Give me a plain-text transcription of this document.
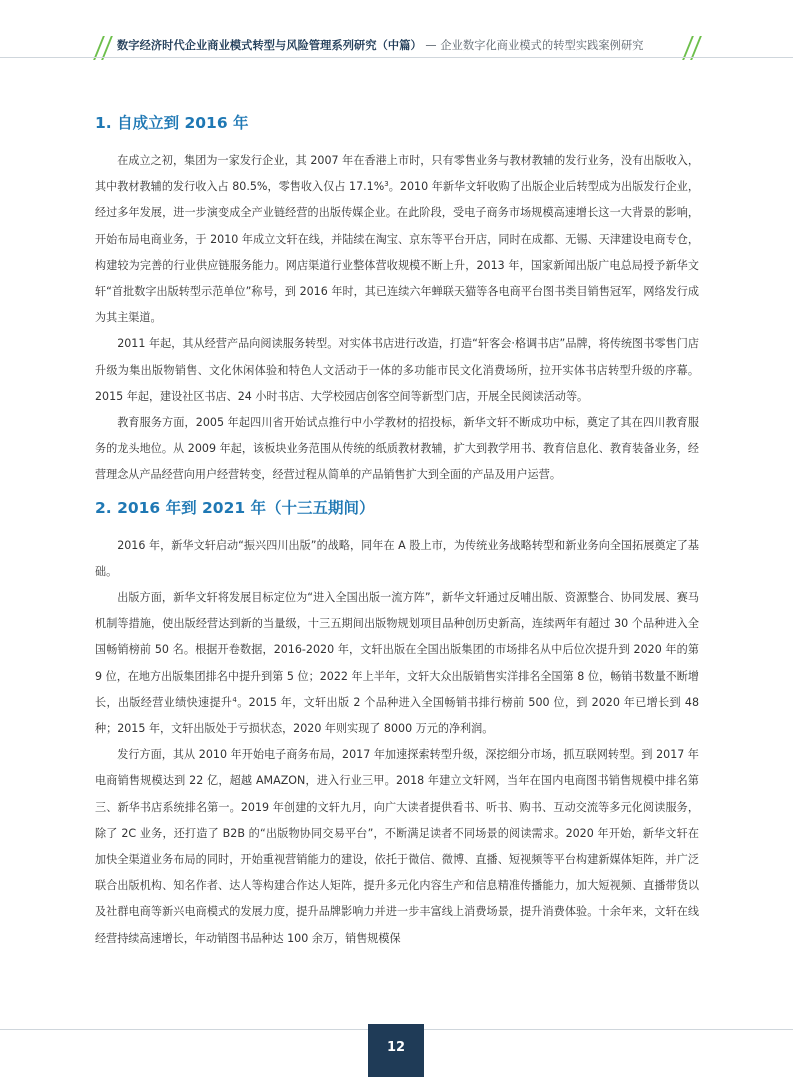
数字经济时代企业商业模式转型与风险管理系列研究（中篇） — 企业数字化商业模式的转型实践案例研究
1. 自成立到 2016 年

在成立之初，集团为一家发行企业，其 2007 年在香港上市时，只有零售业务与教材教辅的发行业务，没有出版收入，其中教材教辅的发行收入占 80.5%，零售收入仅占 17.1%$^3$。2010 年新华文轩收购了出版企业后转型成为出版发行企业，经过多年发展，进一步演变成全产业链经营的出版传媒企业。在此阶段，受电子商务市场规模高速增长这一大背景的影响，开始布局电商业务，于 2010 年成立文轩在线，并陆续在淘宝、京东等平台开店，同时在成都、无锡、天津建设电商专仓，构建较为完善的行业供应链服务能力。网店渠道行业整体营收规模不断上升，2013 年，国家新闻出版广电总局授予新华文轩“首批数字出版转型示范单位”称号，到 2016 年时，其已连续六年蝉联天猫等各电商平台图书类目销售冠军，网络发行成为其主渠道。

2011 年起，其从经营产品向阅读服务转型。对实体书店进行改造，打造“轩客会·格调书店”品牌，将传统图书零售门店升级为集出版物销售、文化休闲体验和特色人文活动于一体的多功能市民文化消费场所，拉开实体书店转型升级的序幕。2015 年起，建设社区书店、24 小时书店、大学校园店创客空间等新型门店，开展全民阅读活动等。

教育服务方面，2005 年起四川省开始试点推行中小学教材的招投标，新华文轩不断成功中标，奠定了其在四川教育服务的龙头地位。从 2009 年起，该板块业务范围从传统的纸质教材教辅，扩大到教学用书、教育信息化、教育装备业务，经营理念从产品经营向用户经营转变，经营过程从简单的产品销售扩大到全面的产品及用户运营。

2. 2016 年到 2021 年（十三五期间）

2016 年，新华文轩启动“振兴四川出版”的战略，同年在 A 股上市，为传统业务战略转型和新业务向全国拓展奠定了基础。

出版方面，新华文轩将发展目标定位为“进入全国出版一流方阵”，新华文轩通过反哺出版、资源整合、协同发展、赛马机制等措施，使出版经营达到新的当量级，十三五期间出版物规划项目品种创历史新高，连续两年有超过 30 个品种进入全国畅销榜前 50 名。根据开卷数据，2016-2020 年，文轩出版在全国出版集团的市场排名从中后位次提升到 2020 年的第 9 位，在地方出版集团排名中提升到第 5 位；2022 年上半年，文轩大众出版销售实洋排名全国第 8 位，畅销书数量不断增长，出版经营业绩快速提升$^4$。2015 年，文轩出版 2 个品种进入全国畅销书排行榜前 500 位，到 2020 年已增长到 48 种；2015 年，文轩出版处于亏损状态，2020 年则实现了 8000 万元的净利润。

发行方面，其从 2010 年开始电子商务布局，2017 年加速探索转型升级，深挖细分市场，抓互联网转型。到 2017 年电商销售规模达到 22 亿，超越 AMAZON，进入行业三甲。2018 年建立文轩网，当年在国内电商图书销售规模中排名第三、新华书店系统排名第一。2019 年创建的文轩九月，向广大读者提供看书、听书、购书、互动交流等多元化阅读服务，除了 2C 业务，还打造了 B2B 的“出版物协同交易平台”，不断满足读者不同场景的阅读需求。2020 年开始，新华文轩在加快全渠道业务布局的同时，开始重视营销能力的建设，依托于微信、微博、直播、短视频等平台构建新媒体矩阵，并广泛联合出版机构、知名作者、达人等构建合作达人矩阵，提升多元化内容生产和信息精准传播能力，加大短视频、直播带货以及社群电商等新兴电商模式的发展力度，提升品牌影响力并进一步丰富线上消费场景，提升消费体验。十余年来，文轩在线经营持续高速增长，年动销图书品种达 100 余万，销售规模保

12
